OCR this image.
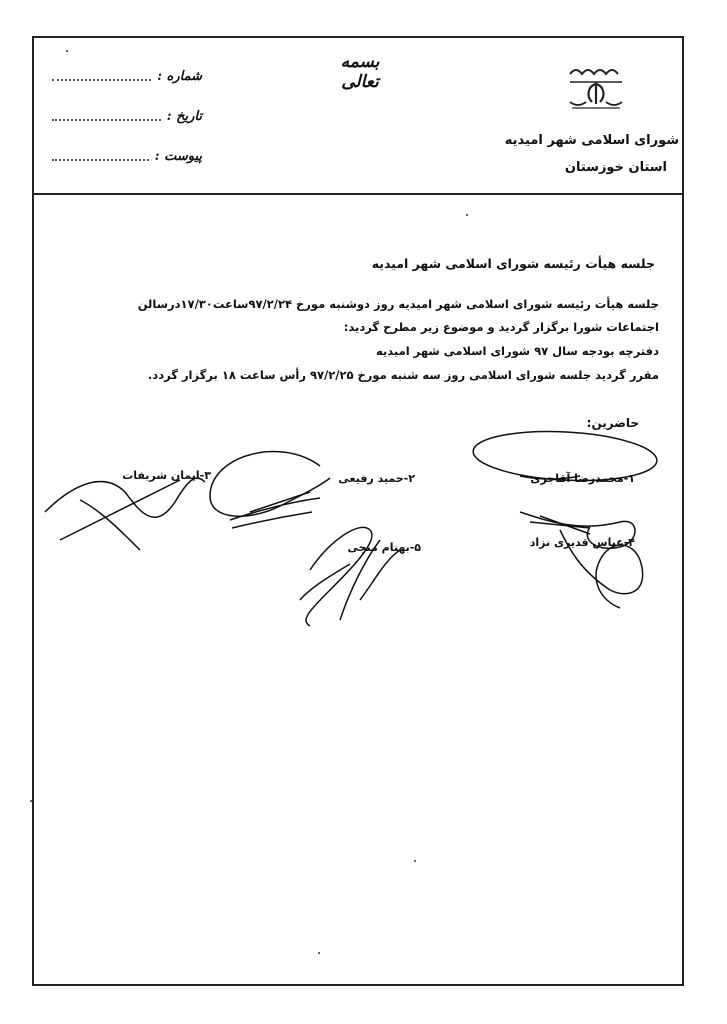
شماره :
تاریخ :
پیوست :
بسمه تعالی
شورای اسلامی شهر امیدیه
استان خوزستان
جلسه هیأت رئیسه شورای اسلامی شهر امیدیه
جلسه هیأت رئیسه شورای اسلامی شهر امیدیه روز دوشنبه مورخ ۹۷/۲/۲۴ساعت۱۷/۳۰درسالن
اجتماعات شورا برگزار گردید و موضوع زیر مطرح گردید:
دفترچه بودجه سال ۹۷ شورای اسلامی شهر امیدیه
مقرر گردید جلسه شورای اسلامی روز سه شنبه مورخ ۹۷/۲/۲۵ رأس ساعت ۱۸ برگزار گردد.
حاضرین:
۱-محمدرضا آقاجری
۲-حمید رفیعی
۳-ایمان شریفات
۴-عباس قدیری نزاد
۵-بهنام منجی
